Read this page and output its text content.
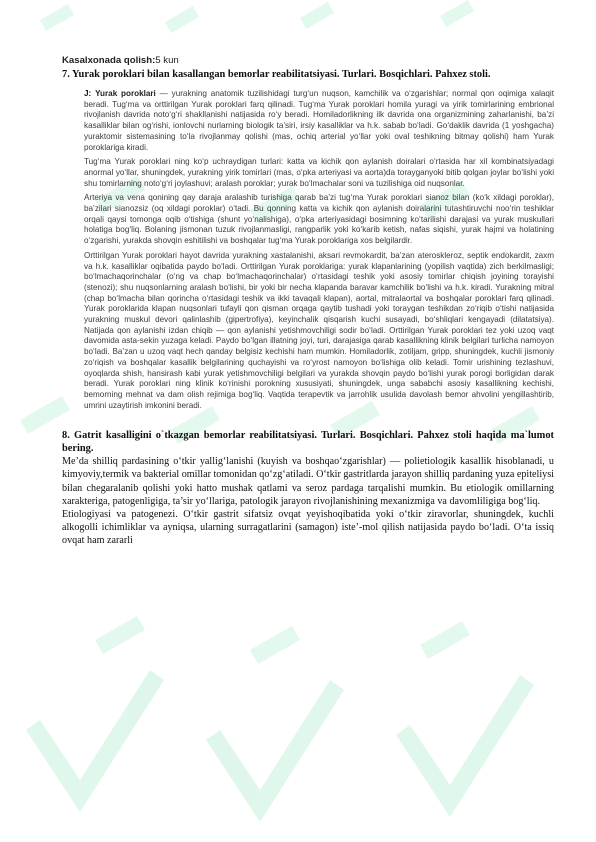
Kasalxonada qolish:5 kun

7. Yurak poroklari bilan kasallangan bemorlar reabilitatsiyasi. Turlari. Bosqichlari. Pahxez stoli.

J: Yurak poroklari — yurakning anatomik tuzilishidagi turg‘un nuqson, kamchilik va o‘zgarishlar; normal qon oqimiga xalaqit beradi. Tug‘ma va orttirilgan Yurak poroklari farq qilinadi. Tug‘ma Yurak poroklari homila yuragi va yirik tomirlarining embrional rivojlanish davrida noto‘g‘ri shakllanishi natijasida ro‘y beradi. Homiladorlikning ilk davrida ona organizmining zaharlanishi, ba’zi kasalliklar bilan og‘rishi, ionlovchi nurlarning biologik ta’siri, irsiy kasalliklar va h.k. sabab bo‘ladi. Go‘daklik davrida (1 yoshgacha) yuraktomir sistemasining to‘la rivojlanmay qolishi (mas, ochiq arterial yo‘llar yoki oval teshikning bitmay qolishi) ham Yurak poroklariga kiradi.

Tug‘ma Yurak poroklari ning ko‘p uchraydigan turlari: katta va kichik qon aylanish doiralari o‘rtasida har xil kombinatsiyadagi anormal yo‘llar, shuningdek, yurakning yirik tomirlari (mas, o‘pka arteriyasi va aorta)da torayganyoki bitib qolgan joylar bo‘lishi yoki shu tomirlarning noto‘g‘ri joylashuvi; aralash poroklar; yurak bo‘lmachalar soni va tuzilishiga oid nuqsonlar.

Arteriya va vena qonining qay daraja aralashib turishiga qarab ba’zi tug‘ma Yurak poroklari sianoz bilan (ko‘k xildagi poroklar), ba’zilari sianozsiz (oq xildagi poroklar) o‘tadi. Bu qonning katta va kichik qon aylanish doiralarini tutashtiruvchi noo‘rin teshiklar orqali qaysi tomonga oqib o‘tishiga (shunt yo‘nalishiga), o‘pka arteriyasidagi bosimning ko‘tarilishi darajasi va yurak muskullari holatiga bog‘liq. Bolaning jismonan tuzuk rivojlanmasligi, rangparlik yoki ko‘karib ketish, nafas siqishi, yurak hajmi va holatining o‘zgarishi, yurakda shovqin eshitilishi va boshqalar tug‘ma Yurak poroklariga xos belgilardir.

Orttirilgan Yurak poroklari hayot davrida yurakning xastalanishi, aksari revmokardit, ba’zan ateroskleroz, septik endokardit, zaxm va h.k. kasalliklar oqibatida paydo bo‘ladi. Orttirilgan Yurak poroklariga: yurak klapanlarining (yopilish vaqtida) zich berkilmasligi; bo‘lmachaqorinchalar (o‘ng va chap bo‘lmachaqorinchalar) o‘rtasidagi teshik yoki asosiy tomirlar chiqish joyining torayishi (stenozi); shu nuqsonlarning aralash bo‘lishi, bir yoki bir necha klapanda baravar kamchilik bo‘lishi va h.k. kiradi. Yurakning mitral (chap bo‘lmacha bilan qorincha o‘rtasidagi teshik va ikki tavaqali klapan), aortal, mitralaortal va boshqalar poroklari farq qilinadi. Yurak poroklarida klapan nuqsonlari tufayli qon qisman orqaga qaytib tushadi yoki toraygan teshikdan zo‘riqib o‘tishi natijasida yurakning muskul devori qalinlashib (gipertrofiya), keyinchalik qisqarish kuchi susayadi, bo‘shliqlari kengayadi (dilatatsiya). Natijada qon aylanishi izdan chiqib — qon aylanishi yetishmovchiligi sodir bo‘ladi. Orttirilgan Yurak poroklari tez yoki uzoq vaqt davomida asta-sekin yuzaga keladi. Paydo bo‘lgan illatning joyi, turi, darajasiga qarab kasallikning klinik belgilari turlicha namoyon bo‘ladi. Ba’zan u uzoq vaqt hech qanday belgisiz kechishi ham mumkin. Homiladorlik, zotiljam, gripp, shuningdek, kuchli jismoniy zo‘riqish va boshqalar kasallik belgilarining quchayishi va ro‘yrost namoyon bo‘lishiga olib keladi. Tomir urishining tezlashuvi, oyoqlarda shish, hansirash kabi yurak yetishmovchiligi belgilari va yurakda shovqin paydo bo‘lishi yurak porogi borligidan darak beradi. Yurak poroklari ning klinik ko‘rinishi porokning xususiyati, shuningdek, unga sababchi asosiy kasallikning kechishi, bemorning mehnat va dam olish rejimiga bog‘liq. Vaqtida terapevtik va jarrohlik usulida davolash bemor ahvolini yengillashtirib, umrini uzaytirish imkonini beradi.

8. Gatrit kasalligini o`tkazgan bemorlar reabilitatsiyasi. Turlari. Bosqichlari. Pahxez stoli haqida ma`lumot bering.

Me’da shilliq pardasining o‘tkir yallig‘lanishi (kuyish va boshqao‘zgarishlar) — polietiologik kasallik hisoblanadi, u kimyoviy,termik va bakterial omillar tomonidan qo‘zg‘atiladi. O‘tkir gastritlarda jarayon shilliq pardaning yuza epiteliysi bilan chegaralanib qolishi yoki hatto mushak qatlami va seroz pardaga tarqalishi mumkin. Bu etiologik omillarning xarakteriga, patogenligiga, ta’sir yo‘llariga, patologik jarayon rivojlanishining mexanizmiga va davomliligiga bog‘liq.

Etiologiyasi va patogenezi. O‘tkir gastrit sifatsiz ovqat yeyishoqibatida yoki o‘tkir ziravorlar, shuningdek, kuchli alkogolli ichimliklar va ayniqsa, ularning surragatlarini (samagon) iste’-mol qilish natijasida paydo bo‘ladi. O‘ta issiq ovqat ham zararli
